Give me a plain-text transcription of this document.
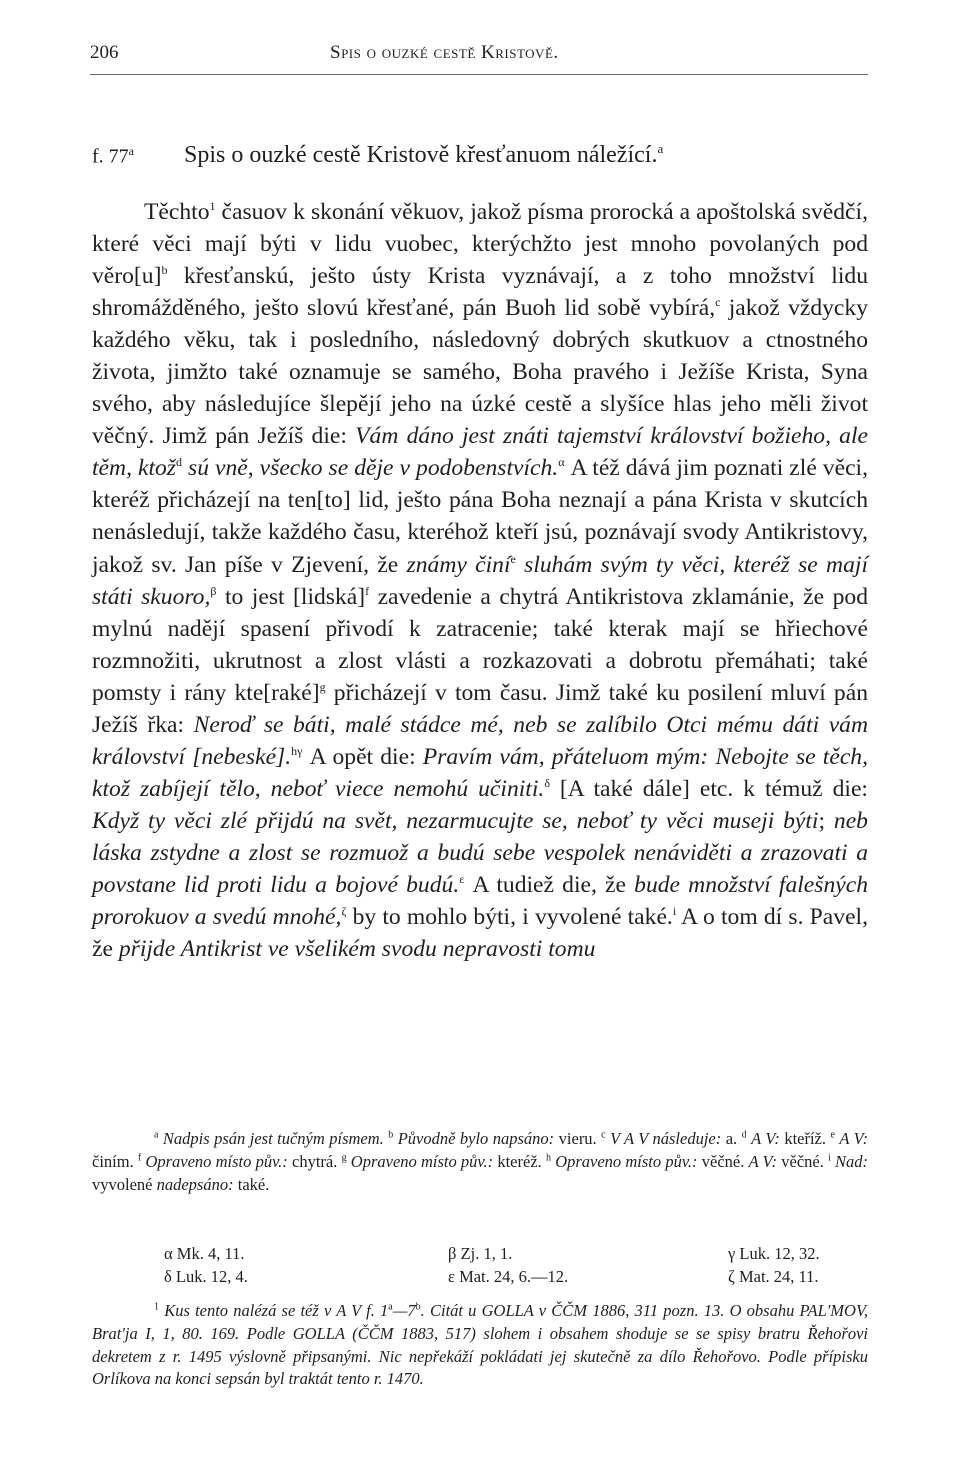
206	Spis o ouzké cestě Kristově.
f. 77$^a$ Spis o ouzké cestě Kristově křesťanuom náležící.$^a$

Těchto$^1$ časuov k skonání věkuov, jakož písma prorocká a apoštolská svědčí, které věci mají býti v lidu vuobec, kterýchžto jest mnoho povolaných pod $věro[u]^b$ křesťanskú, ješto ústy Krista vyznávají, a z toho množství lidu shromážděného, ješto slovú křesťané, pán Buoh lid sobě vybírá,$^c$ jakož vždycky každého věku, tak i posledního, následovný dobrých skutkuov a ctnostného života, jimžto také oznamuje se samého, Boha pravého i Ježíše Krista, Syna svého, aby následujíce šlepějí jeho na úzké cestě a slyšíce hlas jeho měli život věčný. Jimž pán Ježíš die: Vám dáno jest znáti tajemství království božieho, ale těm, ktož$^d$ sú vně, všecko se děje v podobenstvích.$^\alpha$ A též dává jim poznati zlé věci, kteréž přicházejí na ten[to] lid, ješto pána Boha neznají a pána Krista v skutcích nenásledují, takže každého času, kteréhož kteří jsú, poznávají svody Antikristovy, jakož sv. Jan píše v Zjevení, že známy činí$^e$ sluhám svým ty věci, kteréž se mají státi skuoro,$^\beta$ to jest [lidská]$^f$ zavedenie a chytrá Antikristova zklamánie, že pod mylnú nadějí spasení přivodí k zatracenie; také kterak mají se hřiechové rozmnožiti, ukrutnost a zlost vlásti a rozkazovati a dobrotu přemáhati; také pomsty i rány kte[raké]$^g$ přicházejí v tom času. Jimž také ku posilení mluví pán Ježíš řka: Neroď se báti, malé stádce mé, neb se zalíbilo Otci mému dáti vám království [nebeské].$^{h\gamma}$ A opět die: Pravím vám, přáteluom mým: Nebojte se těch, ktož zabíjejí tělo, neboť viece nemohú učiniti.$^\delta$ [A také dále] etc. k témuž die: Když ty věci zlé přijdú na svět, nezarmucujte se, neboť ty věci museji býti; neb láska zstydne a zlost se rozmuož a budú sebe vespolek nenáviděti a zrazovati a povstane lid proti lidu a bojové budú.$^\varepsilon$ A tudiež die, že bude množství falešných prorokuov a svedú mnohé,$^\zeta$ by to mohlo býti, i vyvolené také.$^i$ A o tom dí s. Pavel, že přijde Antikrist ve všelikém svodu nepravosti tomu

$^a$ Nadpis psán jest tučným písmem. $^b$ Původně bylo napsáno: vieru. $^c$ V A V následuje: a. $^d$ A V: kteříž. $^e$ A V: činím. $^f$ Opraveno místo pův.: chytrá. $^g$ Opraveno místo pův.: kteréž. $^h$ Opraveno místo pův.: věčné. A V: věčné. $^i$ Nad: vyvolené nadepsáno: také.

α Mk. 4, 11.	β Zj. 1, 1.	γ Luk. 12, 32.
δ Luk. 12, 4.	ε Mat. 24, 6.—12.	ζ Mat. 24, 11.

$^1$ Kus tento nalézá se též v A V f. 1$^a$—7$^b$. Citát u GOLLA v ČČM 1886, 311 pozn. 13. O obsahu PAL'MOV, Brat'ja I, 1, 80. 169. Podle GOLLA (ČČM 1883, 517) slohem i obsahem shoduje se se spisy bratru Řehořovi dekretem z r. 1495 výslovně připsanými. Nic nepřekáží pokládati jej skutečně za dílo Řehořovo. Podle přípisku Orlíkova na konci sepsán byl traktát tento r. 1470.
